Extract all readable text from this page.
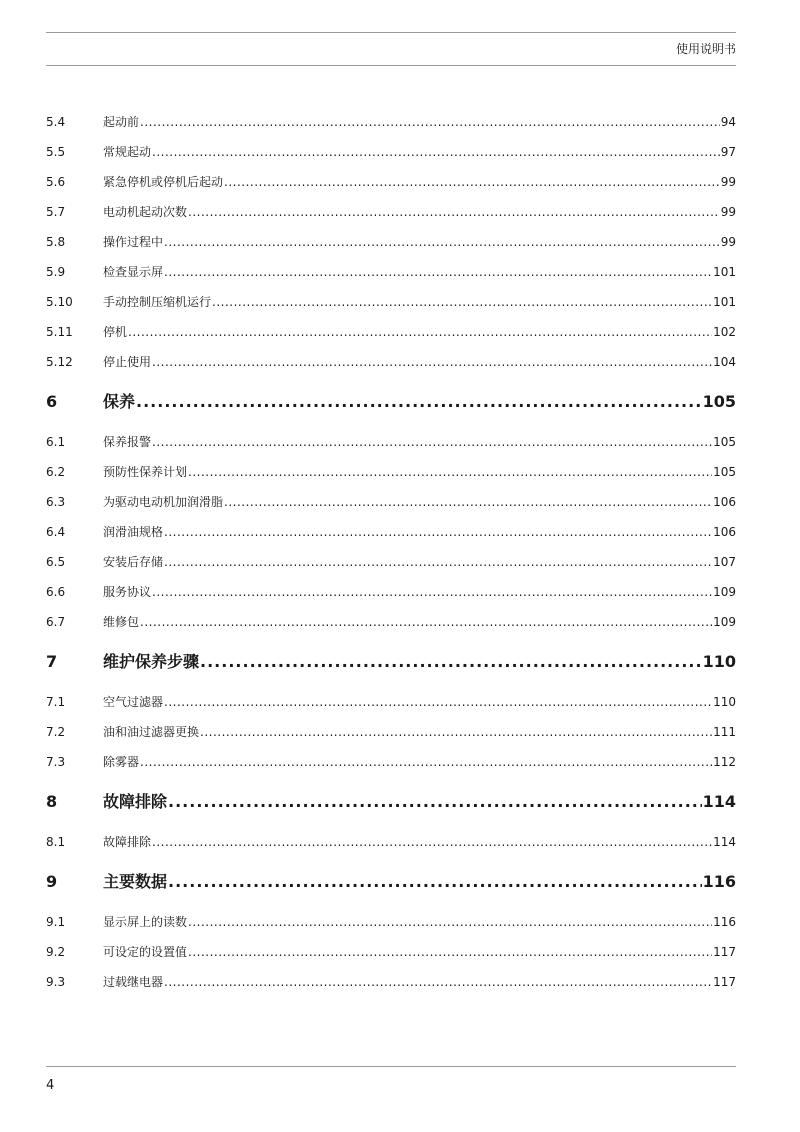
使用说明书
5.4	起动前 .....	94
5.5	常规起动 .....	97
5.6	紧急停机或停机后起动 .....	99
5.7	电动机起动次数 .....	99
5.8	操作过程中 .....	99
5.9	检查显示屏 .....	101
5.10	手动控制压缩机运行 .....	101
5.11	停机 .....	102
5.12	停止使用 .....	104
6	保养 .....	105
6.1	保养报警 .....	105
6.2	预防性保养计划 .....	105
6.3	为驱动电动机加润滑脂 .....	106
6.4	润滑油规格 .....	106
6.5	安装后存储 .....	107
6.6	服务协议 .....	109
6.7	维修包 .....	109
7	维护保养步骤 .....	110
7.1	空气过滤器 .....	110
7.2	油和油过滤器更换 .....	111
7.3	除雾器 .....	112
8	故障排除 .....	114
8.1	故障排除 .....	114
9	主要数据 .....	116
9.1	显示屏上的读数 .....	116
9.2	可设定的设置值 .....	117
9.3	过载继电器 .....	117
4
